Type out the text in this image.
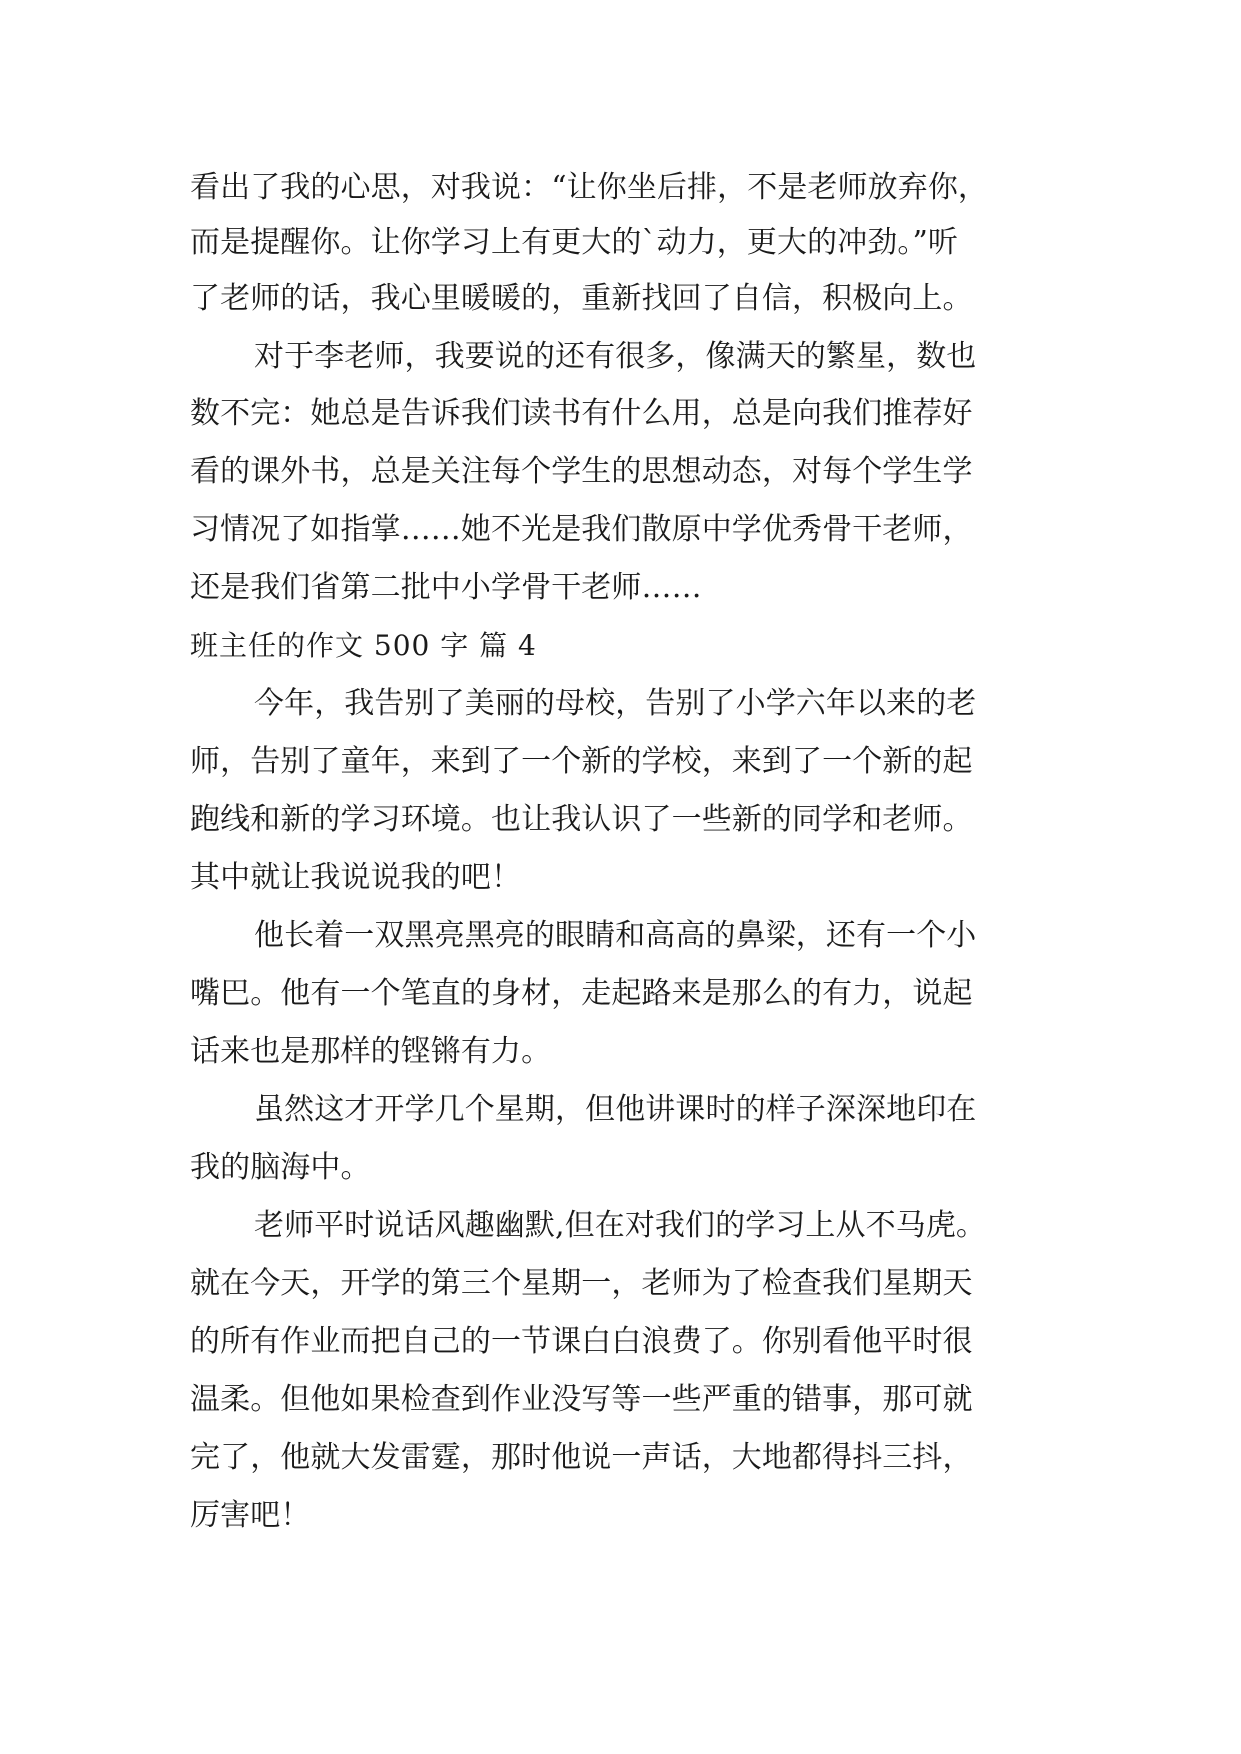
看出了我的心思，对我说：“让你坐后排，不是老师放弃你，
而是提醒你。让你学习上有更大的`动力，更大的冲劲。”听
了老师的话，我心里暖暖的，重新找回了自信，积极向上。
对于李老师，我要说的还有很多，像满天的繁星，数也
数不完：她总是告诉我们读书有什么用，总是向我们推荐好
看的课外书，总是关注每个学生的思想动态，对每个学生学
习情况了如指掌……她不光是我们散原中学优秀骨干老师，
还是我们省第二批中小学骨干老师……
班主任的作文 500 字 篇 4
今年，我告别了美丽的母校，告别了小学六年以来的老
师，告别了童年，来到了一个新的学校，来到了一个新的起
跑线和新的学习环境。也让我认识了一些新的同学和老师。
其中就让我说说我的吧！
他长着一双黑亮黑亮的眼睛和高高的鼻梁，还有一个小
嘴巴。他有一个笔直的身材，走起路来是那么的有力，说起
话来也是那样的铿锵有力。
虽然这才开学几个星期，但他讲课时的样子深深地印在
我的脑海中。
老师平时说话风趣幽默,但在对我们的学习上从不马虎。
就在今天，开学的第三个星期一，老师为了检查我们星期天
的所有作业而把自己的一节课白白浪费了。你别看他平时很
温柔。但他如果检查到作业没写等一些严重的错事，那可就
完了，他就大发雷霆，那时他说一声话，大地都得抖三抖，
厉害吧！
